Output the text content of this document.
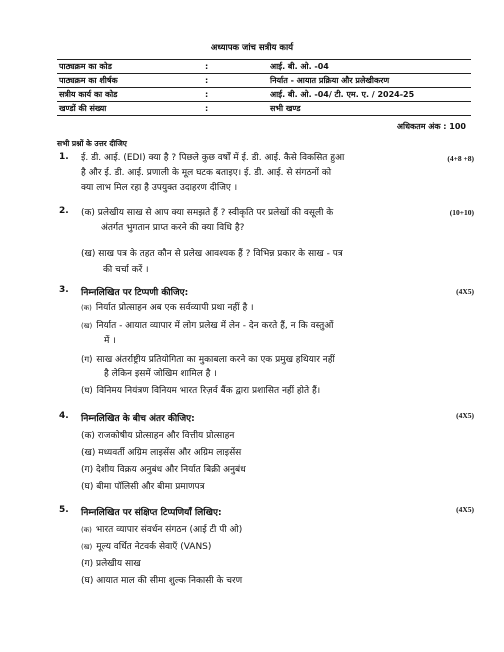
अध्यापक जांच सत्रीय कार्य
पाठ्यक्रम का कोड	:	आई. बी. ओ. -04
पाठ्यक्रम का शीर्षक	:	निर्यात - आयात प्रक्रिया और प्रलेखीकरण
सत्रीय कार्य का कोड	:	आई. बी. ओ. -04/ टी. एम. ए. / 2024-25
खण्डों की संख्या	:	सभी खण्ड
अधिकतम अंक : 100
सभी प्रश्नों के उत्तर दीजिए
1.	(4+8 +8)
ई. डी. आई. (EDI) क्या है ? पिछले कुछ वर्षों में ई. डी. आई. कैसे विकसित हुआ
है और ई. डी. आई. प्रणाली के मूल घटक बताइए। ई. डी. आई. से संगठनों को
क्या लाभ मिल रहा है उपयुक्त उदाहरण दीजिए ।
2.	(10+10)
(क) प्रलेखीय साख से आप क्या समझते हैं ? स्वीकृति पर प्रलेखों की वसूली के
अंतर्गत भुगतान प्राप्त करने की क्या विधि है?
(ख) साख पत्र के तहत कौन से प्रलेख आवश्यक हैं ? विभिन्न प्रकार के साख - पत्र
की चर्चा करें ।
3. निम्नलिखित पर टिप्पणी कीजिए:	(4X5)
(क) निर्यात प्रोत्साहन अब एक सर्वव्यापी प्रथा नहीं है ।
(ख) निर्यात - आयात व्यापार में लोग प्रलेख में लेन - देन करते हैं, न कि वस्तुओं
में ।
(ग) साख अंतर्राष्ट्रीय प्रतियोगिता का मुकाबला करने का एक प्रमुख हथियार नहीं
है लेकिन इसमें जोखिम शामिल है ।
(घ) विनिमय नियंत्रण विनियम भारत रिज़र्व बैंक द्वारा प्रशासित नहीं होते हैं।
4. निम्नलिखित के बीच अंतर कीजिए:	(4X5)
(क) राजकोषीय प्रोत्साहन और वित्तीय प्रोत्साहन
(ख) मध्यवर्ती अग्रिम लाइसेंस और अग्रिम लाइसेंस
(ग) देशीय विक्रय अनुबंध और निर्यात बिक्री अनुबंध
(घ) बीमा पॉलिसी और बीमा प्रमाणपत्र
5. निम्नलिखित पर संक्षिप्त टिप्पणियाँ लिखिए:	(4X5)
(क) भारत व्यापार संवर्धन संगठन (आई टी पी ओ)
(ख) मूल्य वर्धित नेटवर्क सेवाएँ (VANS)
(ग) प्रलेखीय साख
(घ) आयात माल की सीमा शुल्क निकासी के चरण
